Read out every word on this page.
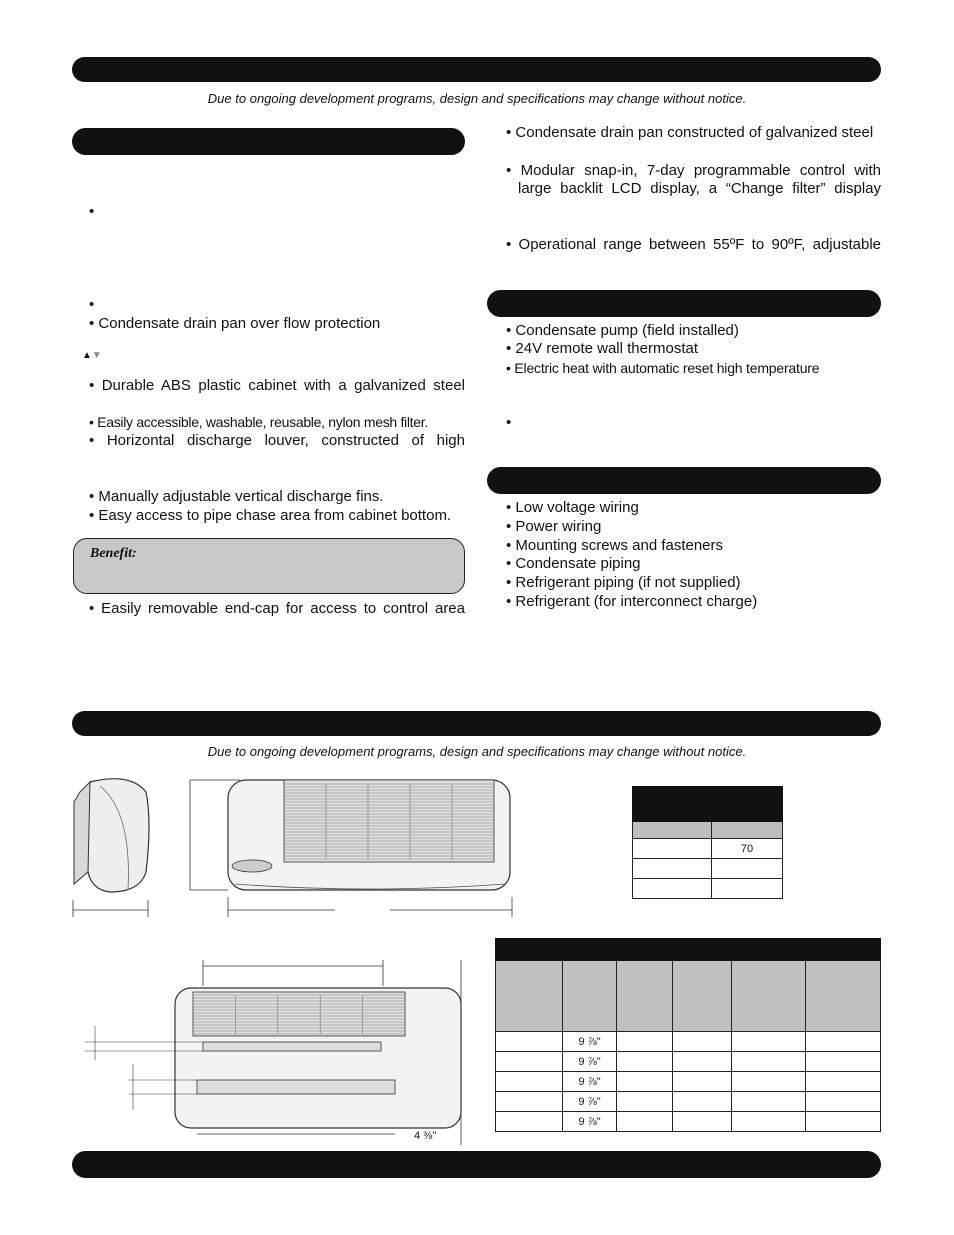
Due to ongoing development programs, design and specifications may change without notice.
Due to ongoing development programs, design and specifications may change without notice.
•
•
• Condensate drain pan over flow protection
▲▼
• Durable ABS plastic cabinet with a galvanized steel
• Easily accessible, washable, reusable, nylon mesh filter.
• Horizontal discharge louver, constructed of high
• Manually adjustable vertical discharge fins.
• Easy access to pipe chase area from cabinet bottom.
Benefit:
• Easily removable end-cap for access to control area
• Condensate drain pan constructed of galvanized steel
• Modular snap-in, 7-day programmable control with
large backlit LCD display, a “Change filter” display
• Operational range between 55ºF to 90ºF, adjustable
• Condensate pump (field installed)
• 24V remote wall thermostat
• Electric heat with automatic reset high temperature
•
• Low voltage wiring
• Power wiring
• Mounting screws and fasteners
• Condensate piping
• Refrigerant piping (if not supplied)
• Refrigerant (for interconnect charge)

	70

4 ⅜"

	9 ⅞"				
	9 ⅞"				
	9 ⅞"				
	9 ⅞"				
	9 ⅞"				
